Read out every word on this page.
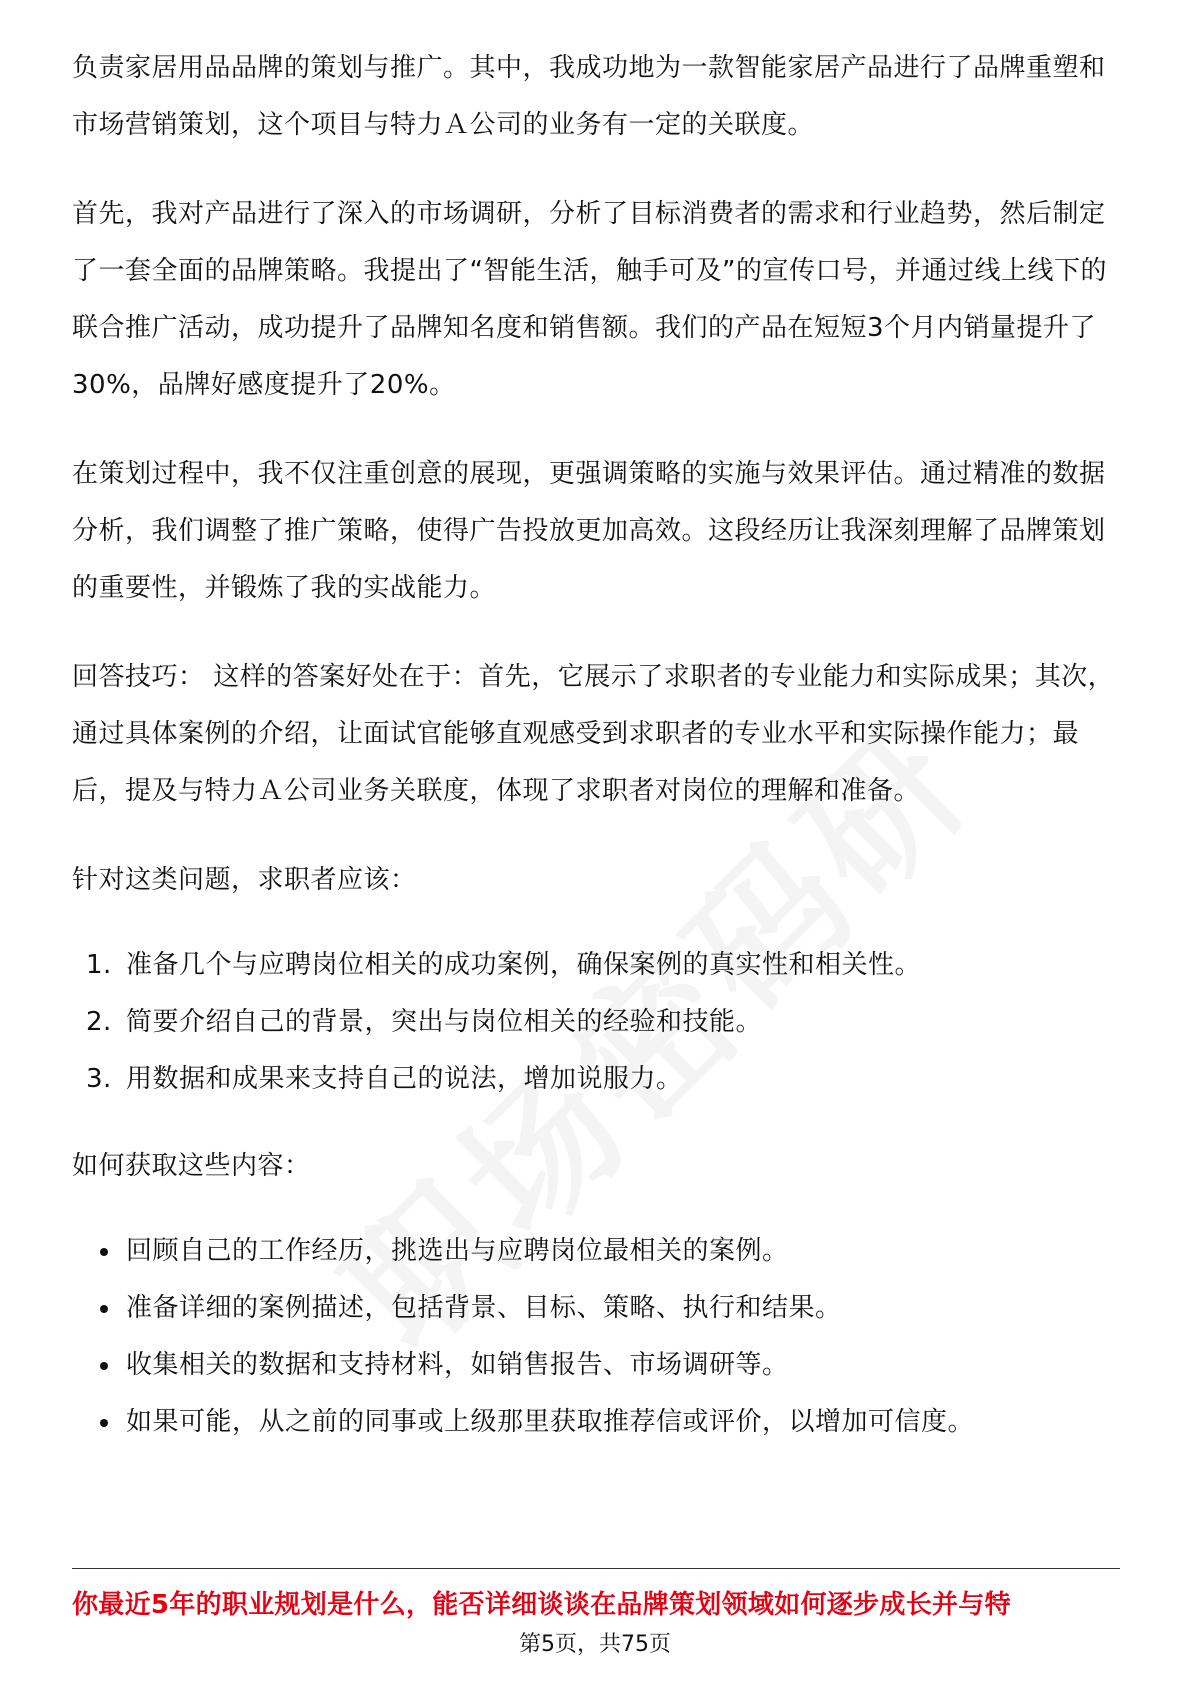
负责家居用品品牌的策划与推广。其中，我成功地为一款智能家居产品进行了品牌重塑和市场营销策划，这个项目与特力Ａ公司的业务有一定的关联度。

首先，我对产品进行了深入的市场调研，分析了目标消费者的需求和行业趋势，然后制定了一套全面的品牌策略。我提出了“智能生活，触手可及”的宣传口号，并通过线上线下的联合推广活动，成功提升了品牌知名度和销售额。我们的产品在短短3个月内销量提升了30%，品牌好感度提升了20%。

在策划过程中，我不仅注重创意的展现，更强调策略的实施与效果评估。通过精准的数据分析，我们调整了推广策略，使得广告投放更加高效。这段经历让我深刻理解了品牌策划的重要性，并锻炼了我的实战能力。

回答技巧： 这样的答案好处在于：首先，它展示了求职者的专业能力和实际成果；其次，通过具体案例的介绍，让面试官能够直观感受到求职者的专业水平和实际操作能力；最后，提及与特力Ａ公司业务关联度，体现了求职者对岗位的理解和准备。

针对这类问题，求职者应该：

1. 准备几个与应聘岗位相关的成功案例，确保案例的真实性和相关性。
2. 简要介绍自己的背景，突出与岗位相关的经验和技能。
3. 用数据和成果来支持自己的说法，增加说服力。

如何获取这些内容：

回顾自己的工作经历，挑选出与应聘岗位最相关的案例。
准备详细的案例描述，包括背景、目标、策略、执行和结果。
收集相关的数据和支持材料，如销售报告、市场调研等。
如果可能，从之前的同事或上级那里获取推荐信或评价，以增加可信度。
你最近5年的职业规划是什么，能否详细谈谈在品牌策划领域如何逐步成长并与特
第5页，共75页
